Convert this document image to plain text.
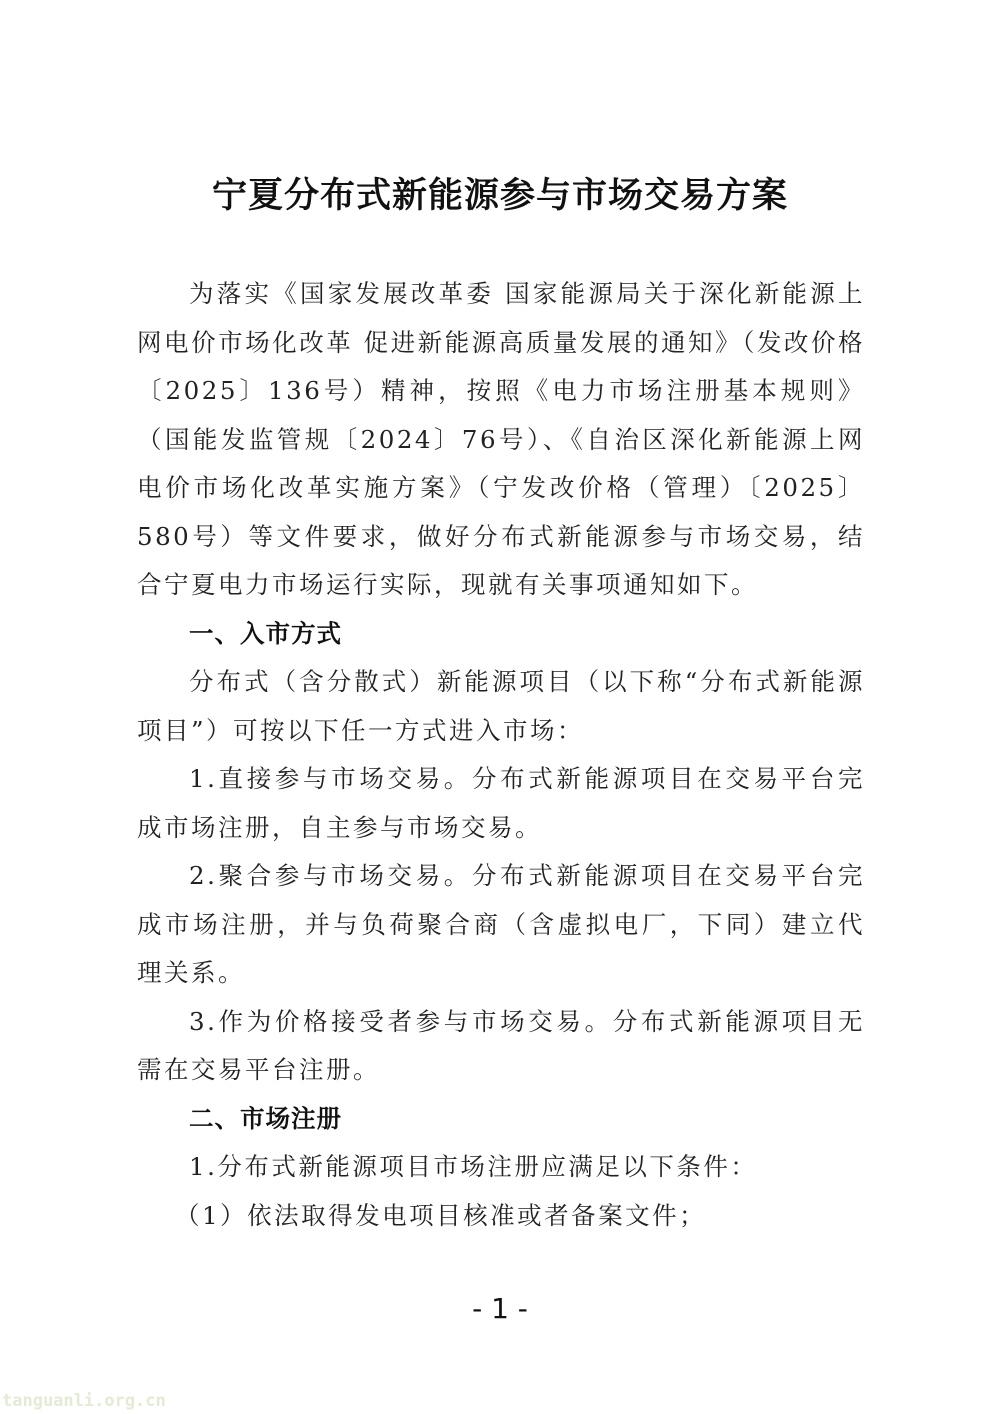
宁夏分布式新能源参与市场交易方案

为落实《国家发展改革委 国家能源局关于深化新能源上网电价市场化改革 促进新能源高质量发展的通知》（发改价格〔2025〕136号）精神，按照《电力市场注册基本规则》（国能发监管规〔2024〕76号）、《自治区深化新能源上网电价市场化改革实施方案》（宁发改价格（管理）〔2025〕580号）等文件要求，做好分布式新能源参与市场交易，结合宁夏电力市场运行实际，现就有关事项通知如下。

一、入市方式

分布式（含分散式）新能源项目（以下称“分布式新能源项目”）可按以下任一方式进入市场：

1.直接参与市场交易。分布式新能源项目在交易平台完成市场注册，自主参与市场交易。

2.聚合参与市场交易。分布式新能源项目在交易平台完成市场注册，并与负荷聚合商（含虚拟电厂，下同）建立代理关系。

3.作为价格接受者参与市场交易。分布式新能源项目无需在交易平台注册。

二、市场注册

1.分布式新能源项目市场注册应满足以下条件：

（1）依法取得发电项目核准或者备案文件；

- 1 -
tanguanli.org.cn
